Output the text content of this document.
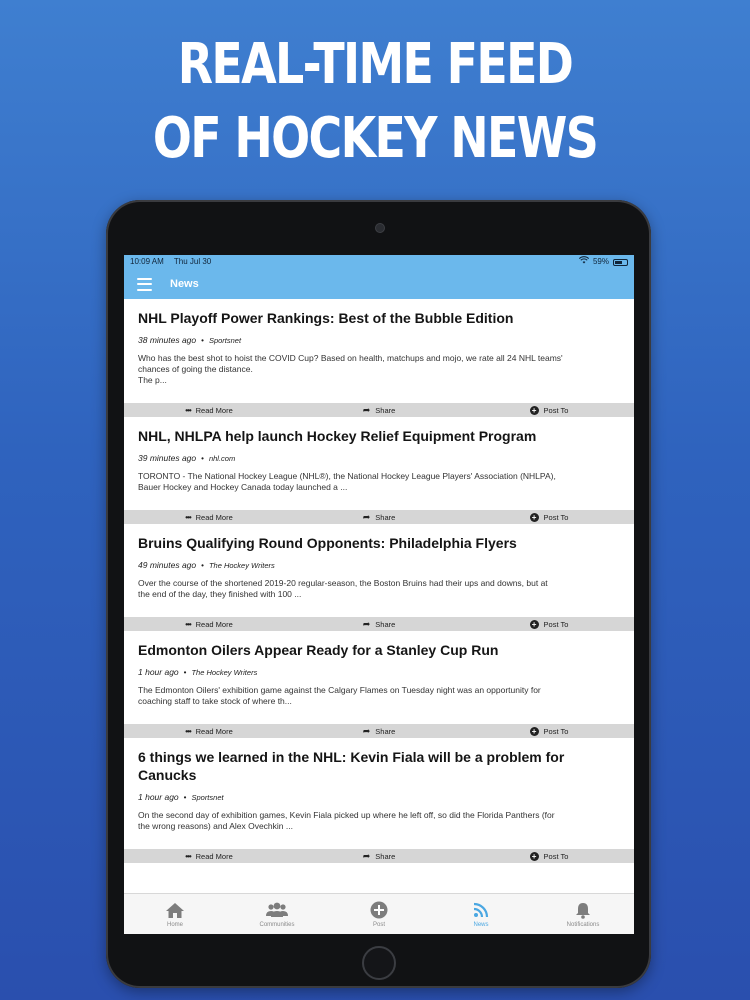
REAL-TIME FEED
OF HOCKEY NEWS
10:09 AM Thu Jul 30	59%
News
NHL Playoff Power Rankings: Best of the Bubble Edition
38 minutes ago • Sportsnet
Who has the best shot to hoist the COVID Cup? Based on health, matchups and mojo, we rate all 24 NHL teams'
chances of going the distance.
The p...
••• Read More	➦ Share	+ Post To
NHL, NHLPA help launch Hockey Relief Equipment Program
39 minutes ago • nhl.com
TORONTO - The National Hockey League (NHL®), the National Hockey League Players' Association (NHLPA),
Bauer Hockey and Hockey Canada today launched a ...
••• Read More	➦ Share	+ Post To
Bruins Qualifying Round Opponents: Philadelphia Flyers
49 minutes ago • The Hockey Writers
Over the course of the shortened 2019-20 regular-season, the Boston Bruins had their ups and downs, but at
the end of the day, they finished with 100 ...
••• Read More	➦ Share	+ Post To
Edmonton Oilers Appear Ready for a Stanley Cup Run
1 hour ago • The Hockey Writers
The Edmonton Oilers' exhibition game against the Calgary Flames on Tuesday night was an opportunity for
coaching staff to take stock of where th...
••• Read More	➦ Share	+ Post To
6 things we learned in the NHL: Kevin Fiala will be a problem for Canucks
1 hour ago • Sportsnet
On the second day of exhibition games, Kevin Fiala picked up where he left off, so did the Florida Panthers (for
the wrong reasons) and Alex Ovechkin ...
••• Read More	➦ Share	+ Post To
Home	Communities	Post	News	Notifications
